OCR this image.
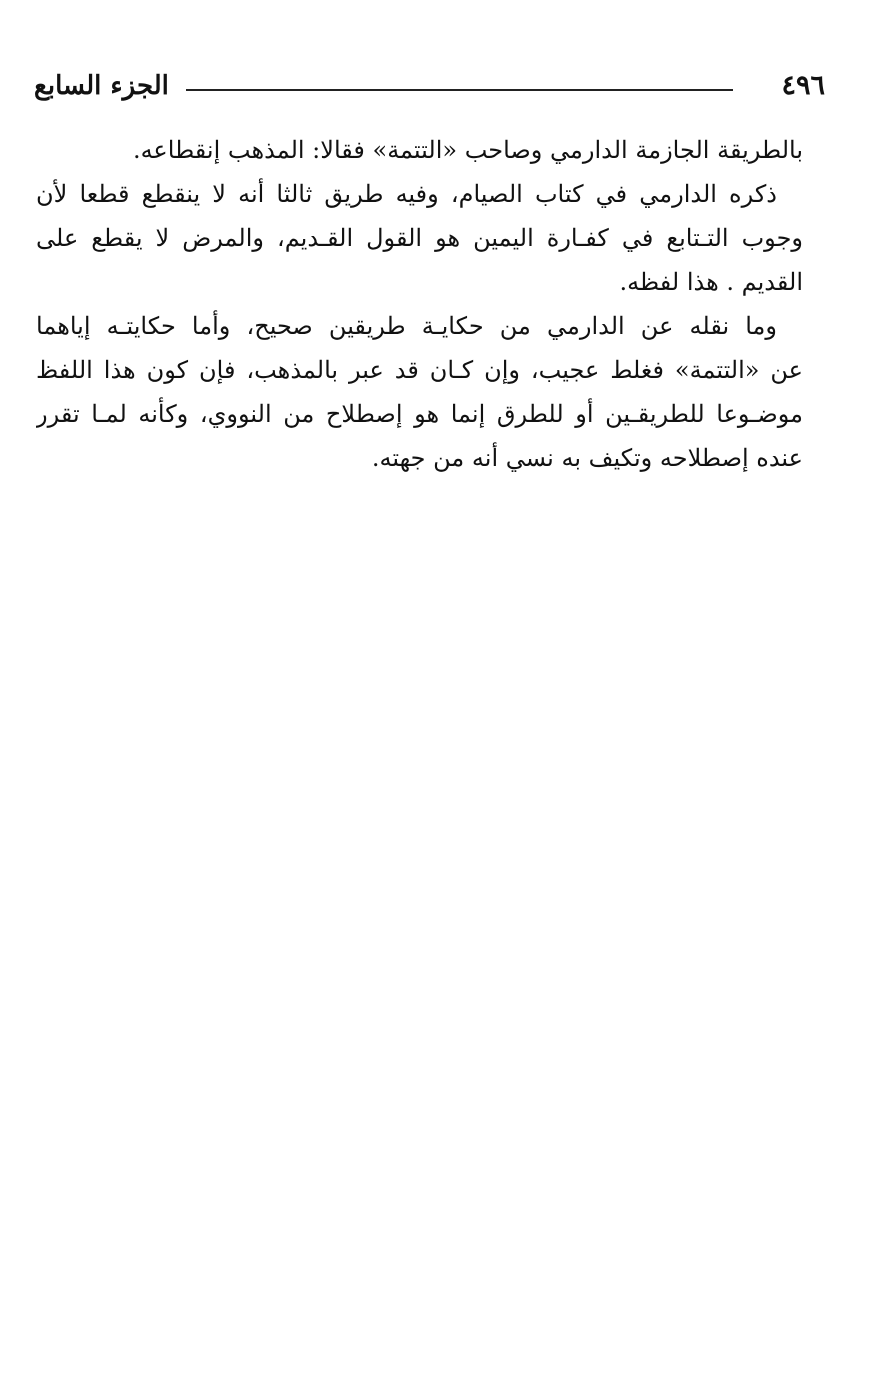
٤٩٦
الجزء السابع

بالطريقة الجازمة الدارمي وصاحب «التتمة» فقالا: المذهب إنقطاعه.

ذكره الدارمي في كتاب الصيام، وفيه طريق ثالثا أنه لا ينقطع قطعا لأن
وجوب التـتابع في كفـارة اليمين هو القول القـديم، والمرض لا يقطع على
القديم . هذا لفظه.

وما نقله عن الدارمي من حكايـة طريقين صحيح، وأما حكايتـه إياهما
عن «التتمة» فغلط عجيب، وإن كـان قد عبر بالمذهب، فإن كون هذا اللفظ
موضـوعا للطريقـين أو للطرق إنما هو إصطلاح من النووي، وكأنه لمـا تقرر
عنده إصطلاحه وتكيف به نسي أنه من جهته.
